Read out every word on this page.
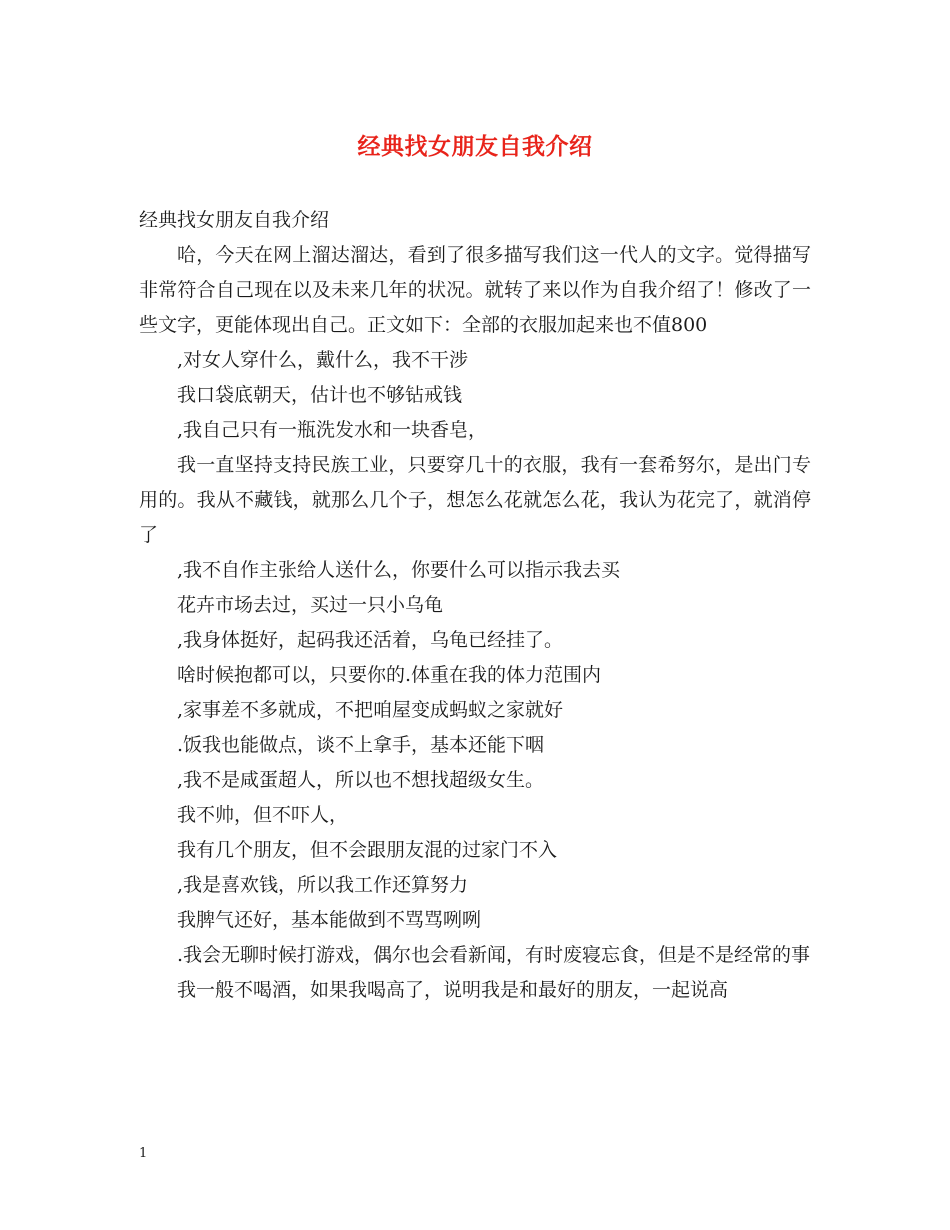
经典找女朋友自我介绍

经典找女朋友自我介绍

哈，今天在网上溜达溜达，看到了很多描写我们这一代人的文字。觉得描写非常符合自己现在以及未来几年的状况。就转了来以作为自我介绍了！修改了一些文字，更能体现出自己。正文如下：全部的衣服加起来也不值800

,对女人穿什么，戴什么，我不干涉

我口袋底朝天，估计也不够钻戒钱

,我自己只有一瓶洗发水和一块香皂，

我一直坚持支持民族工业，只要穿几十的衣服，我有一套希努尔，是出门专用的。我从不藏钱，就那么几个子，想怎么花就怎么花，我认为花完了，就消停了

,我不自作主张给人送什么，你要什么可以指示我去买

花卉市场去过，买过一只小乌龟

,我身体挺好，起码我还活着，乌龟已经挂了。

啥时候抱都可以，只要你的.体重在我的体力范围内

,家事差不多就成，不把咱屋变成蚂蚁之家就好

.饭我也能做点，谈不上拿手，基本还能下咽

,我不是咸蛋超人，所以也不想找超级女生。

我不帅，但不吓人，

我有几个朋友，但不会跟朋友混的过家门不入

,我是喜欢钱，所以我工作还算努力

我脾气还好，基本能做到不骂骂咧咧

.我会无聊时候打游戏，偶尔也会看新闻，有时废寝忘食，但是不是经常的事

我一般不喝酒，如果我喝高了，说明我是和最好的朋友，一起说高

1
